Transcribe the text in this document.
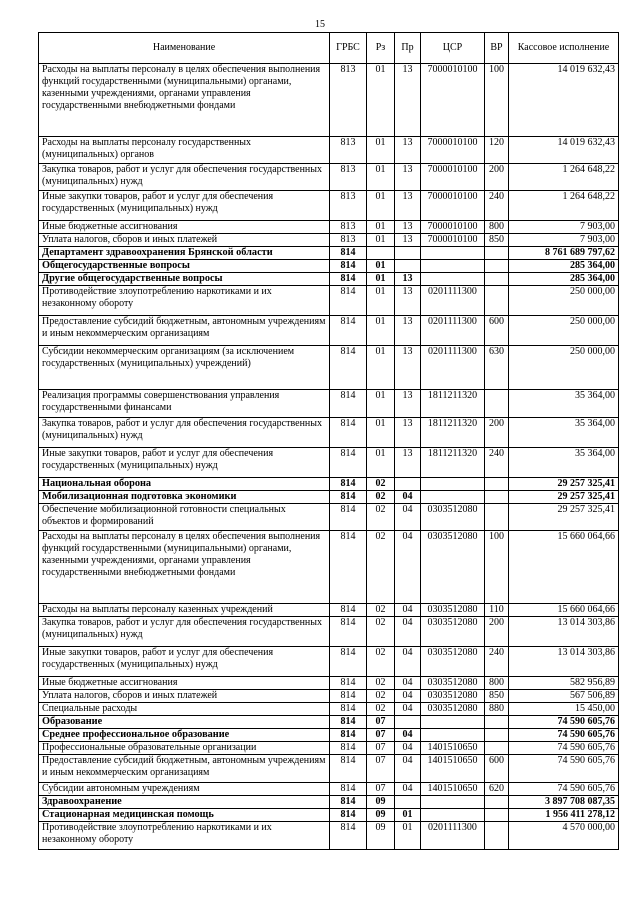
15
Наименование	ГРБС	Рз	Пр	ЦСР	ВР	Кассовое исполнение
Расходы на выплаты персоналу в целях обеспечения выполнения функций государственными (муниципальными) органами, казенными учреждениями, органами управления государственными внебюджетными фондами	813	01	13	7000010100	100	14 019 632,43
Расходы на выплаты персоналу государственных (муниципальных) органов	813	01	13	7000010100	120	14 019 632,43
Закупка товаров, работ и услуг для обеспечения государственных (муниципальных) нужд	813	01	13	7000010100	200	1 264 648,22
Иные закупки товаров, работ и услуг для обеспечения государственных (муниципальных) нужд	813	01	13	7000010100	240	1 264 648,22
Иные бюджетные ассигнования	813	01	13	7000010100	800	7 903,00
Уплата налогов, сборов и иных платежей	813	01	13	7000010100	850	7 903,00
Департамент здравоохранения Брянской области	814					8 761 689 797,62
Общегосударственные вопросы	814	01				285 364,00
Другие общегосударственные вопросы	814	01	13			285 364,00
Противодействие злоупотреблению наркотиками и их незаконному обороту	814	01	13	0201111300		250 000,00
Предоставление субсидий бюджетным, автономным учреждениям и иным некоммерческим организациям	814	01	13	0201111300	600	250 000,00
Субсидии некоммерческим организациям (за исключением государственных (муниципальных) учреждений)	814	01	13	0201111300	630	250 000,00
Реализация программы совершенствования управления государственными финансами	814	01	13	1811211320		35 364,00
Закупка товаров, работ и услуг для обеспечения государственных (муниципальных) нужд	814	01	13	1811211320	200	35 364,00
Иные закупки товаров, работ и услуг для обеспечения государственных (муниципальных) нужд	814	01	13	1811211320	240	35 364,00
Национальная оборона	814	02				29 257 325,41
Мобилизационная подготовка экономики	814	02	04			29 257 325,41
Обеспечение мобилизационной готовности специальных объектов и формирований	814	02	04	0303512080		29 257 325,41
Расходы на выплаты персоналу в целях обеспечения выполнения функций государственными (муниципальными) органами, казенными учреждениями, органами управления государственными внебюджетными фондами	814	02	04	0303512080	100	15 660 064,66
Расходы на выплаты персоналу казенных учреждений	814	02	04	0303512080	110	15 660 064,66
Закупка товаров, работ и услуг для обеспечения государственных (муниципальных) нужд	814	02	04	0303512080	200	13 014 303,86
Иные закупки товаров, работ и услуг для обеспечения государственных (муниципальных) нужд	814	02	04	0303512080	240	13 014 303,86
Иные бюджетные ассигнования	814	02	04	0303512080	800	582 956,89
Уплата налогов, сборов и иных платежей	814	02	04	0303512080	850	567 506,89
Специальные расходы	814	02	04	0303512080	880	15 450,00
Образование	814	07				74 590 605,76
Среднее профессиональное образование	814	07	04			74 590 605,76
Профессиональные образовательные организации	814	07	04	1401510650		74 590 605,76
Предоставление субсидий бюджетным, автономным учреждениям и иным некоммерческим организациям	814	07	04	1401510650	600	74 590 605,76
Субсидии автономным учреждениям	814	07	04	1401510650	620	74 590 605,76
Здравоохранение	814	09				3 897 708 087,35
Стационарная медицинская помощь	814	09	01			1 956 411 278,12
Противодействие злоупотреблению наркотиками и их незаконному обороту	814	09	01	0201111300		4 570 000,00
